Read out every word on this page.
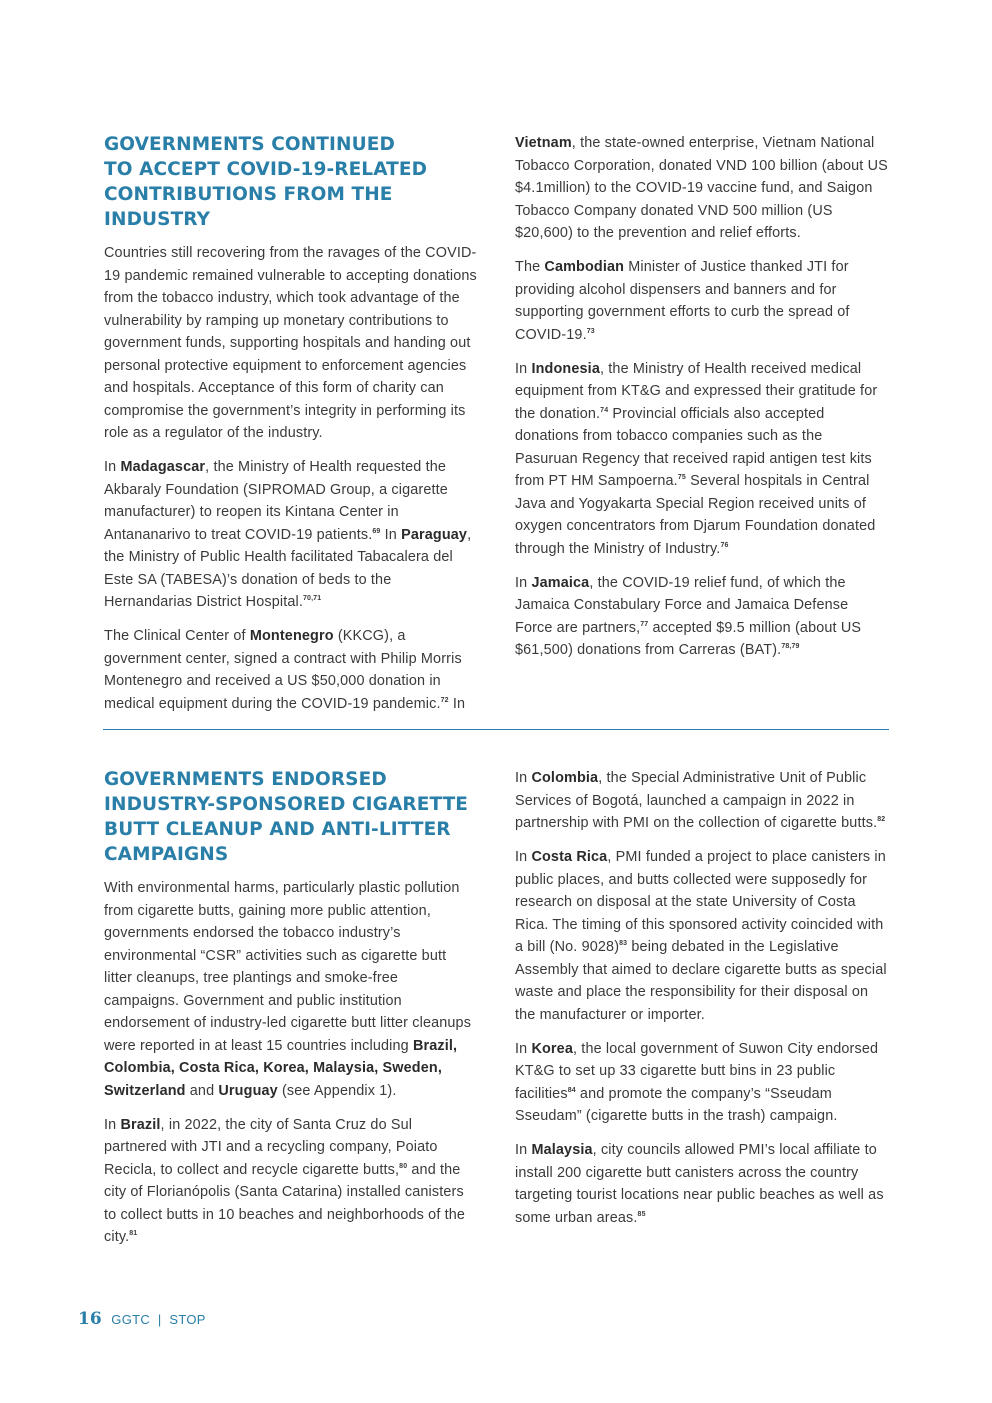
GOVERNMENTS CONTINUED
TO ACCEPT COVID-19-RELATED
CONTRIBUTIONS FROM THE INDUSTRY

Countries still recovering from the ravages of the COVID-19 pandemic remained vulnerable to accepting donations from the tobacco industry, which took advantage of the vulnerability by ramping up monetary contributions to government funds, supporting hospitals and handing out personal protective equipment to enforcement agencies and hospitals. Acceptance of this form of charity can compromise the government’s integrity in performing its role as a regulator of the industry.

In Madagascar, the Ministry of Health requested the Akbaraly Foundation (SIPROMAD Group, a cigarette manufacturer) to reopen its Kintana Center in Antananarivo to treat COVID-19 patients.$^{69}$ In Paraguay, the Ministry of Public Health facilitated Tabacalera del Este SA (TABESA)’s donation of beds to the Hernandarias District Hospital.$^{70,71}$

The Clinical Center of Montenegro (KKCG), a government center, signed a contract with Philip Morris Montenegro and received a US $50,000 donation in medical equipment during the COVID-19 pandemic.$^{72}$ In

Vietnam, the state-owned enterprise, Vietnam National Tobacco Corporation, donated VND 100 billion (about US $4.1million) to the COVID-19 vaccine fund, and Saigon Tobacco Company donated VND 500 million (US $20,600) to the prevention and relief efforts.

The Cambodian Minister of Justice thanked JTI for providing alcohol dispensers and banners and for supporting government efforts to curb the spread of COVID-19.73

In Indonesia, the Ministry of Health received medical equipment from KT&G and expressed their gratitude for the donation.$^{74}$ Provincial officials also accepted donations from tobacco companies such as the Pasuruan Regency that received rapid antigen test kits from PT HM Sampoerna.$^{75}$ Several hospitals in Central Java and Yogyakarta Special Region received units of oxygen concentrators from Djarum Foundation donated through the Ministry of Industry.$^{76}$

In Jamaica, the COVID-19 relief fund, of which the Jamaica Constabulary Force and Jamaica Defense Force are partners,$^{77}$ accepted $9.5 million (about US $61,500) donations from Carreras (BAT).$^{78,79}$

GOVERNMENTS ENDORSED
INDUSTRY-SPONSORED CIGARETTE
BUTT CLEANUP AND ANTI-LITTER
CAMPAIGNS

With environmental harms, particularly plastic pollution from cigarette butts, gaining more public attention, governments endorsed the tobacco industry’s environmental “CSR” activities such as cigarette butt litter cleanups, tree plantings and smoke-free campaigns. Government and public institution endorsement of industry-led cigarette butt litter cleanups were reported in at least 15 countries including Brazil, Colombia, Costa Rica, Korea, Malaysia, Sweden, Switzerland and Uruguay (see Appendix 1).

In Brazil, in 2022, the city of Santa Cruz do Sul partnered with JTI and a recycling company, Poiato Recicla, to collect and recycle cigarette butts,$^{80}$ and the city of Florianópolis (Santa Catarina) installed canisters to collect butts in 10 beaches and neighborhoods of the city.$^{81}$

In Colombia, the Special Administrative Unit of Public Services of Bogotá, launched a campaign in 2022 in partnership with PMI on the collection of cigarette butts.$^{82}$

In Costa Rica, PMI funded a project to place canisters in public places, and butts collected were supposedly for research on disposal at the state University of Costa Rica. The timing of this sponsored activity coincided with a bill (No. 9028)$^{83}$ being debated in the Legislative Assembly that aimed to declare cigarette butts as special waste and place the responsibility for their disposal on the manufacturer or importer.

In Korea, the local government of Suwon City endorsed KT&G to set up 33 cigarette butt bins in 23 public facilities$^{84}$ and promote the company’s “Sseudam Sseudam” (cigarette butts in the trash) campaign.

In Malaysia, city councils allowed PMI’s local affiliate to install 200 cigarette butt canisters across the country targeting tourist locations near public beaches as well as some urban areas.$^{85}$

16 GGTC  |  STOP
